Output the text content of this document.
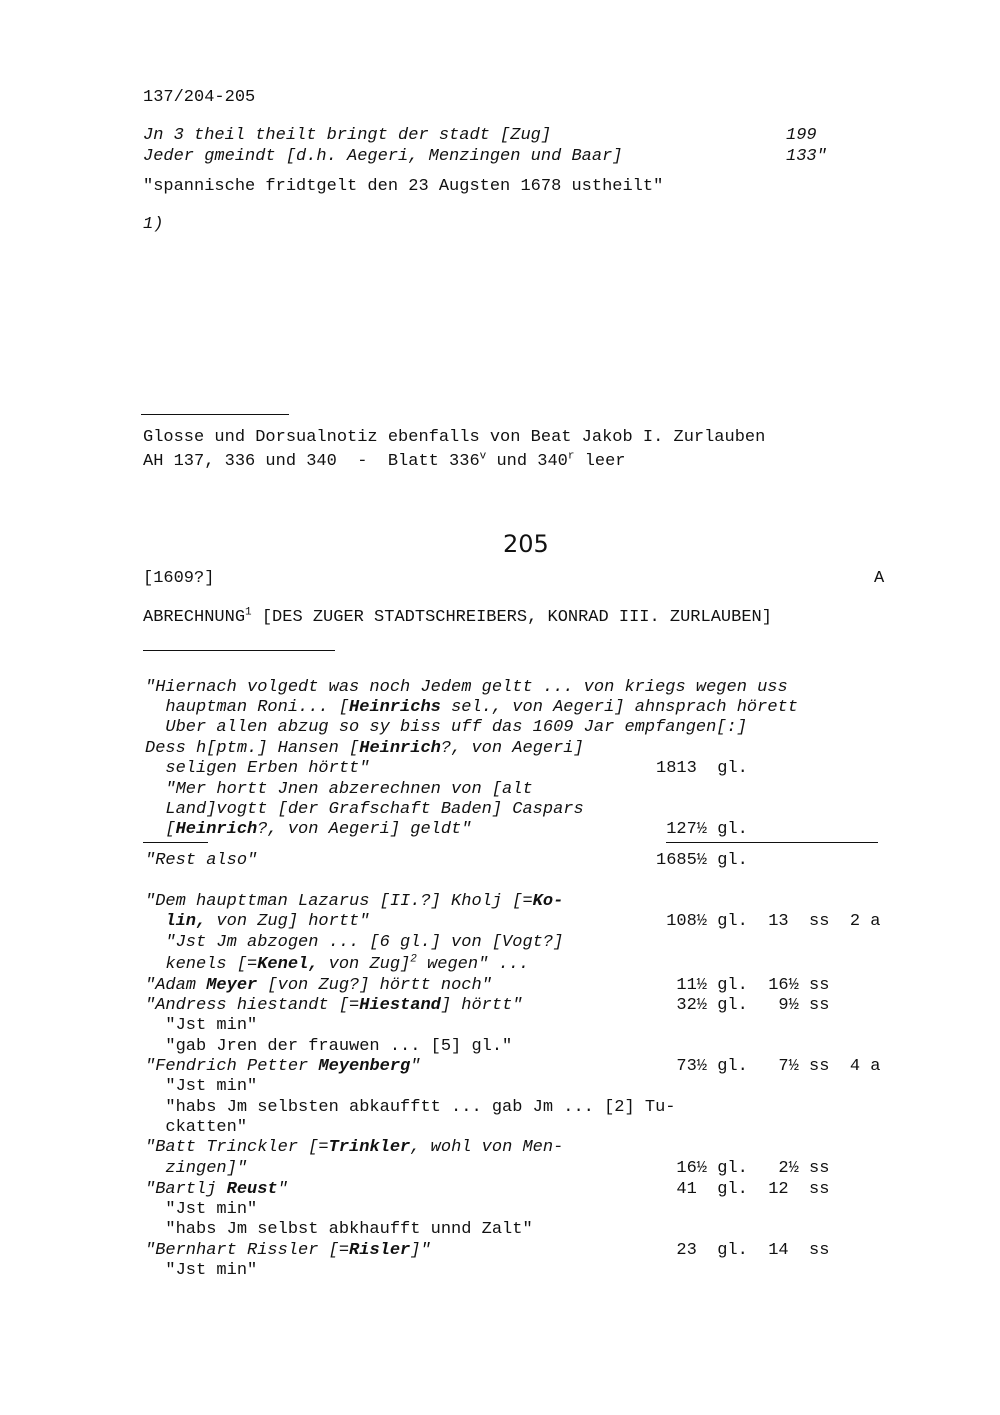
137/204-205
Jn 3 theil theilt bringt der stadt [Zug]	199
Jeder gmeindt [d.h. Aegeri, Menzingen und Baar]	133"
"spannische fridtgelt den 23 Augsten 1678 ustheilt"
1)
Glosse und Dorsualnotiz ebenfalls von Beat Jakob I. Zurlauben
AH 137, 336 und 340  -  Blatt 336$^v$ und 340$^r$ leer
205
[1609?]	A
ABRECHNUNG$^1$ [DES ZUGER STADTSCHREIBERS, KONRAD III. ZURLAUBEN]
"Hiernach volgedt was noch Jedem geltt ... von kriegs wegen uss
hauptman Roni... [Heinrichs sel., von Aegeri] ahnsprach hörett
Uber allen abzug so sy biss uff das 1609 Jar empfangen[:]
Dess h[ptm.] Hansen [Heinrich?, von Aegeri]
seligen Erben hörtt"	1813  gl.
"Mer hortt Jnen abzerechnen von [alt
Land]vogtt [der Grafschaft Baden] Caspars
[Heinrich?, von Aegeri] geldt"	127½ gl.
"Rest also"	1685½ gl.
"Dem haupttman Lazarus [II.?] Kholj [=Ko-
lin, von Zug] hortt"	108½ gl.  13  ss  2 a
"Jst Jm abzogen ... [6 gl.] von [Vogt?]
kenels [=Kenel, von Zug]$^2$ wegen" ...
"Adam Meyer [von Zug?] hörtt noch"	11½ gl.  16½ ss
"Andress hiestandt [=Hiestand] hörtt"	32½ gl.   9½ ss
"Jst min"
"gab Jren der frauwen ... [5] gl."
"Fendrich Petter Meyenberg"	73½ gl.   7½ ss  4 a
"Jst min"
"habs Jm selbsten abkaufftt ... gab Jm ... [2] Tu-
ckatten"
"Batt Trinckler [=Trinkler, wohl von Men-
zingen]"	16½ gl.   2½ ss
"Bartlj Reust"	41  gl.  12  ss
"Jst min"
"habs Jm selbst abkhaufft unnd Zalt"
"Bernhart Rissler [=Risler]"	23  gl.  14  ss
"Jst min"
